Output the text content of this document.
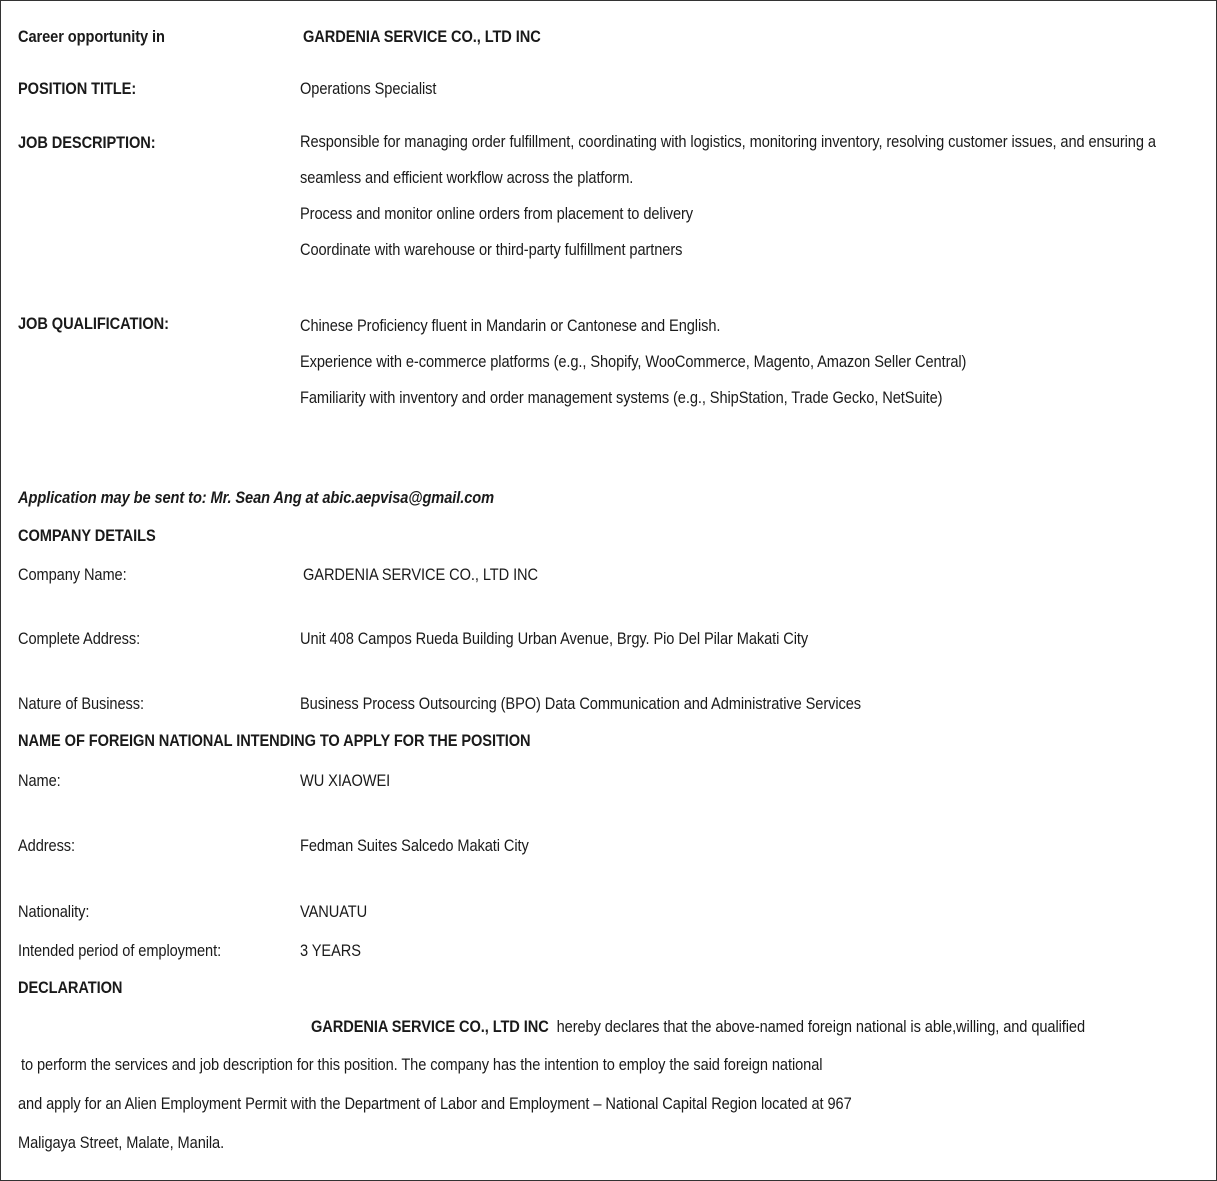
Career opportunity in	GARDENIA SERVICE CO., LTD INC
POSITION TITLE:	Operations Specialist
JOB DESCRIPTION:	Responsible for managing order fulfillment, coordinating with logistics, monitoring inventory, resolving customer issues, and ensuring a
seamless and efficient workflow across the platform.
Process and monitor online orders from placement to delivery
Coordinate with warehouse or third-party fulfillment partners
JOB QUALIFICATION:	Chinese Proficiency fluent in Mandarin or Cantonese and English.
Experience with e-commerce platforms (e.g., Shopify, WooCommerce, Magento, Amazon Seller Central)
Familiarity with inventory and order management systems (e.g., ShipStation, Trade Gecko, NetSuite)
Application may be sent to: Mr. Sean Ang at abic.aepvisa@gmail.com
COMPANY DETAILS
Company Name:	GARDENIA SERVICE CO., LTD INC
Complete Address:	Unit 408 Campos Rueda Building Urban Avenue, Brgy. Pio Del Pilar Makati City
Nature of Business:	Business Process Outsourcing (BPO) Data Communication and Administrative Services
NAME OF FOREIGN NATIONAL INTENDING TO APPLY FOR THE POSITION
Name:	WU XIAOWEI
Address:	Fedman Suites Salcedo Makati City
Nationality:	VANUATU
Intended period of employment:	3 YEARS
DECLARATION
GARDENIA SERVICE CO., LTD INC hereby declares that the above-named foreign national is able,willing, and qualified
to perform the services and job description for this position. The company has the intention to employ the said foreign national
and apply for an Alien Employment Permit with the Department of Labor and Employment – National Capital Region located at 967
Maligaya Street, Malate, Manila.
